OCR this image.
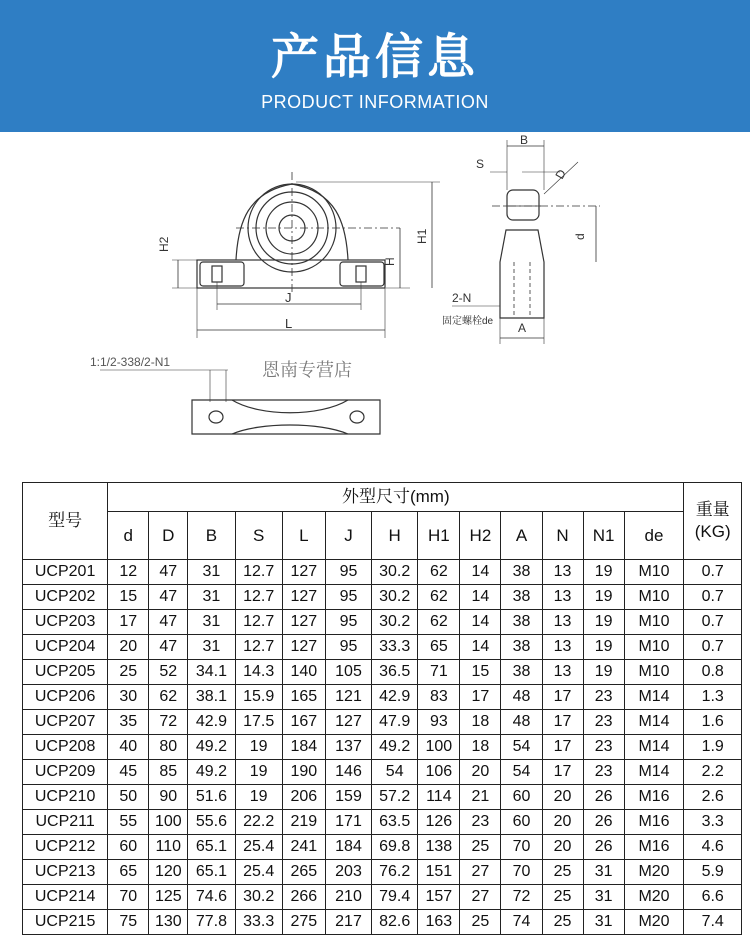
产品信息
PRODUCT INFORMATION
H2
H
H1
J
L
B
S
D
d
2-N
固定螺栓de A
1:1/2-338/2-N1	恩南专营店
型号	外型尺寸(mm)													重量(KG)
	d	D	B	S	L	J	H	H1	H2	A	N	N1	de	
UCP201	12	47	31	12.7	127	95	30.2	62	14	38	13	19	M10	0.7
UCP202	15	47	31	12.7	127	95	30.2	62	14	38	13	19	M10	0.7
UCP203	17	47	31	12.7	127	95	30.2	62	14	38	13	19	M10	0.7
UCP204	20	47	31	12.7	127	95	33.3	65	14	38	13	19	M10	0.7
UCP205	25	52	34.1	14.3	140	105	36.5	71	15	38	13	19	M10	0.8
UCP206	30	62	38.1	15.9	165	121	42.9	83	17	48	17	23	M14	1.3
UCP207	35	72	42.9	17.5	167	127	47.9	93	18	48	17	23	M14	1.6
UCP208	40	80	49.2	19	184	137	49.2	100	18	54	17	23	M14	1.9
UCP209	45	85	49.2	19	190	146	54	106	20	54	17	23	M14	2.2
UCP210	50	90	51.6	19	206	159	57.2	114	21	60	20	26	M16	2.6
UCP211	55	100	55.6	22.2	219	171	63.5	126	23	60	20	26	M16	3.3
UCP212	60	110	65.1	25.4	241	184	69.8	138	25	70	20	26	M16	4.6
UCP213	65	120	65.1	25.4	265	203	76.2	151	27	70	25	31	M20	5.9
UCP214	70	125	74.6	30.2	266	210	79.4	157	27	72	25	31	M20	6.6
UCP215	75	130	77.8	33.3	275	217	82.6	163	25	74	25	31	M20	7.4
